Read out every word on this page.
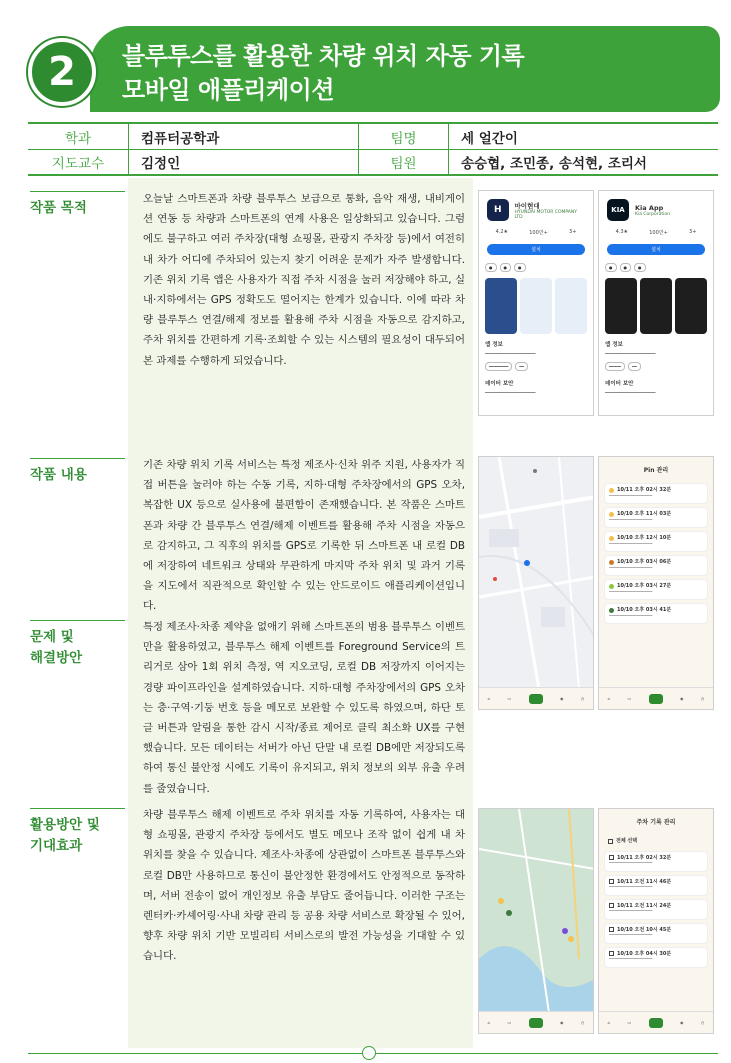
2	블루투스를 활용한 차량 위치 자동 기록
모바일 애플리케이션
학과	컴퓨터공학과	팀명	세 얼간이
지도교수	김정인	팀원	송승협, 조민종, 송석현, 조리서
작품 목적
오늘날 스마트폰과 차량 블루투스 보급으로 통화, 음악 재생, 내비게이션 연동 등 차량과 스마트폰의 연계 사용은 일상화되고 있습니다. 그럼에도 불구하고 여러 주차장(대형 쇼핑몰, 관광지 주차장 등)에서 여전히 내 차가 어디에 주차되어 있는지 찾기 어려운 문제가 자주 발생합니다. 기존 위치 기록 앱은 사용자가 직접 주차 시점을 눌러 저장해야 하고, 실내·지하에서는 GPS 정확도도 떨어지는 한계가 있습니다. 이에 따라 차량 블루투스 연결/해제 정보를 활용해 주차 시점을 자동으로 감지하고, 주차 위치를 간편하게 기록·조회할 수 있는 시스템의 필요성이 대두되어 본 과제를 수행하게 되었습니다.
작품 내용
기존 차량 위치 기록 서비스는 특정 제조사·신차 위주 지원, 사용자가 직접 버튼을 눌러야 하는 수동 기록, 지하·대형 주차장에서의 GPS 오차, 복잡한 UX 등으로 실사용에 불편함이 존재했습니다. 본 작품은 스마트폰과 차량 간 블루투스 연결/해제 이벤트를 활용해 주차 시점을 자동으로 감지하고, 그 직후의 위치를 GPS로 기록한 뒤 스마트폰 내 로컬 DB에 저장하여 네트워크 상태와 무관하게 마지막 주차 위치 및 과거 기록을 지도에서 직관적으로 확인할 수 있는 안드로이드 애플리케이션입니다.
문제 및
해결방안
특정 제조사·차종 제약을 없애기 위해 스마트폰의 범용 블루투스 이벤트만을 활용하였고, 블루투스 해제 이벤트를 Foreground Service의 트리거로 삼아 1회 위치 측정, 역 지오코딩, 로컬 DB 저장까지 이어지는 경량 파이프라인을 설계하였습니다. 지하·대형 주차장에서의 GPS 오차는 층·구역·기둥 번호 등을 메모로 보완할 수 있도록 하였으며, 하단 토글 버튼과 알림을 통한 감시 시작/종료 제어로 클릭 최소화 UX를 구현했습니다. 모든 데이터는 서버가 아닌 단말 내 로컬 DB에만 저장되도록 하여 통신 불안정 시에도 기록이 유지되고, 위치 정보의 외부 유출 우려를 줄였습니다.
활용방안 및
기대효과
차량 블루투스 해제 이벤트로 주차 위치를 자동 기록하여, 사용자는 대형 쇼핑몰, 관광지 주차장 등에서도 별도 메모나 조작 없이 쉽게 내 차 위치를 찾을 수 있습니다. 제조사·차종에 상관없이 스마트폰 블루투스와 로컬 DB만 사용하므로 통신이 불안정한 환경에서도 안정적으로 동작하며, 서버 전송이 없어 개인정보 유출 부담도 줄어듭니다. 이러한 구조는 렌터카·카셰어링·사내 차량 관리 등 공용 차량 서비스로 확장될 수 있어, 향후 차량 위치 기반 모빌리티 서비스로의 발전 가능성을 기대할 수 있습니다.
H	마이현대
HYUNDAI MOTOR COMPANY LTD
4.2★	100만+	3+
설치
●	●	●
앱 정보
━━━━━━━━━━━━━━━━━━━━━
━━━━━━━━	━━
데이터 보안
━━━━━━━━━━━━━━━━━━━━━
KIA	Kia App
Kia Corporation
4.3★	100만+	3+
설치
●	●	●
앱 정보
━━━━━━━━━━━━━━━━━━━━━
━━━━━	━━
데이터 보안
━━━━━━━━━━━━━━━━━━━━━
⌂	▭	◉	◷
Pin 관리
10/11 오후 02시 32분
━━━━━━━━━━━━━━━━
10/10 오후 11시 03분
━━━━━━━━━━━━━━━━
10/10 오후 12시 10분
━━━━━━━━━━━━━━━━
10/10 오후 03시 06분
━━━━━━━━━━━━━━━━
10/10 오후 03시 27분
━━━━━━━━━━━━━━━━
10/10 오후 03시 41분
━━━━━━━━━━━━━━━━
⌂	▭	◉	◷
⌂	▭	◉	◷
주차 기록 관리
전체 선택
10/11 오후 02시 32분
━━━━━━━━━━━━━━━━
10/11 오전 11시 46분
━━━━━━━━━━━━━━━━
10/11 오전 11시 24분
━━━━━━━━━━━━━━━━
10/10 오전 10시 45분
━━━━━━━━━━━━━━━━
10/10 오후 04시 30분
━━━━━━━━━━━━━━━━
⌂	▭	◉	◷
